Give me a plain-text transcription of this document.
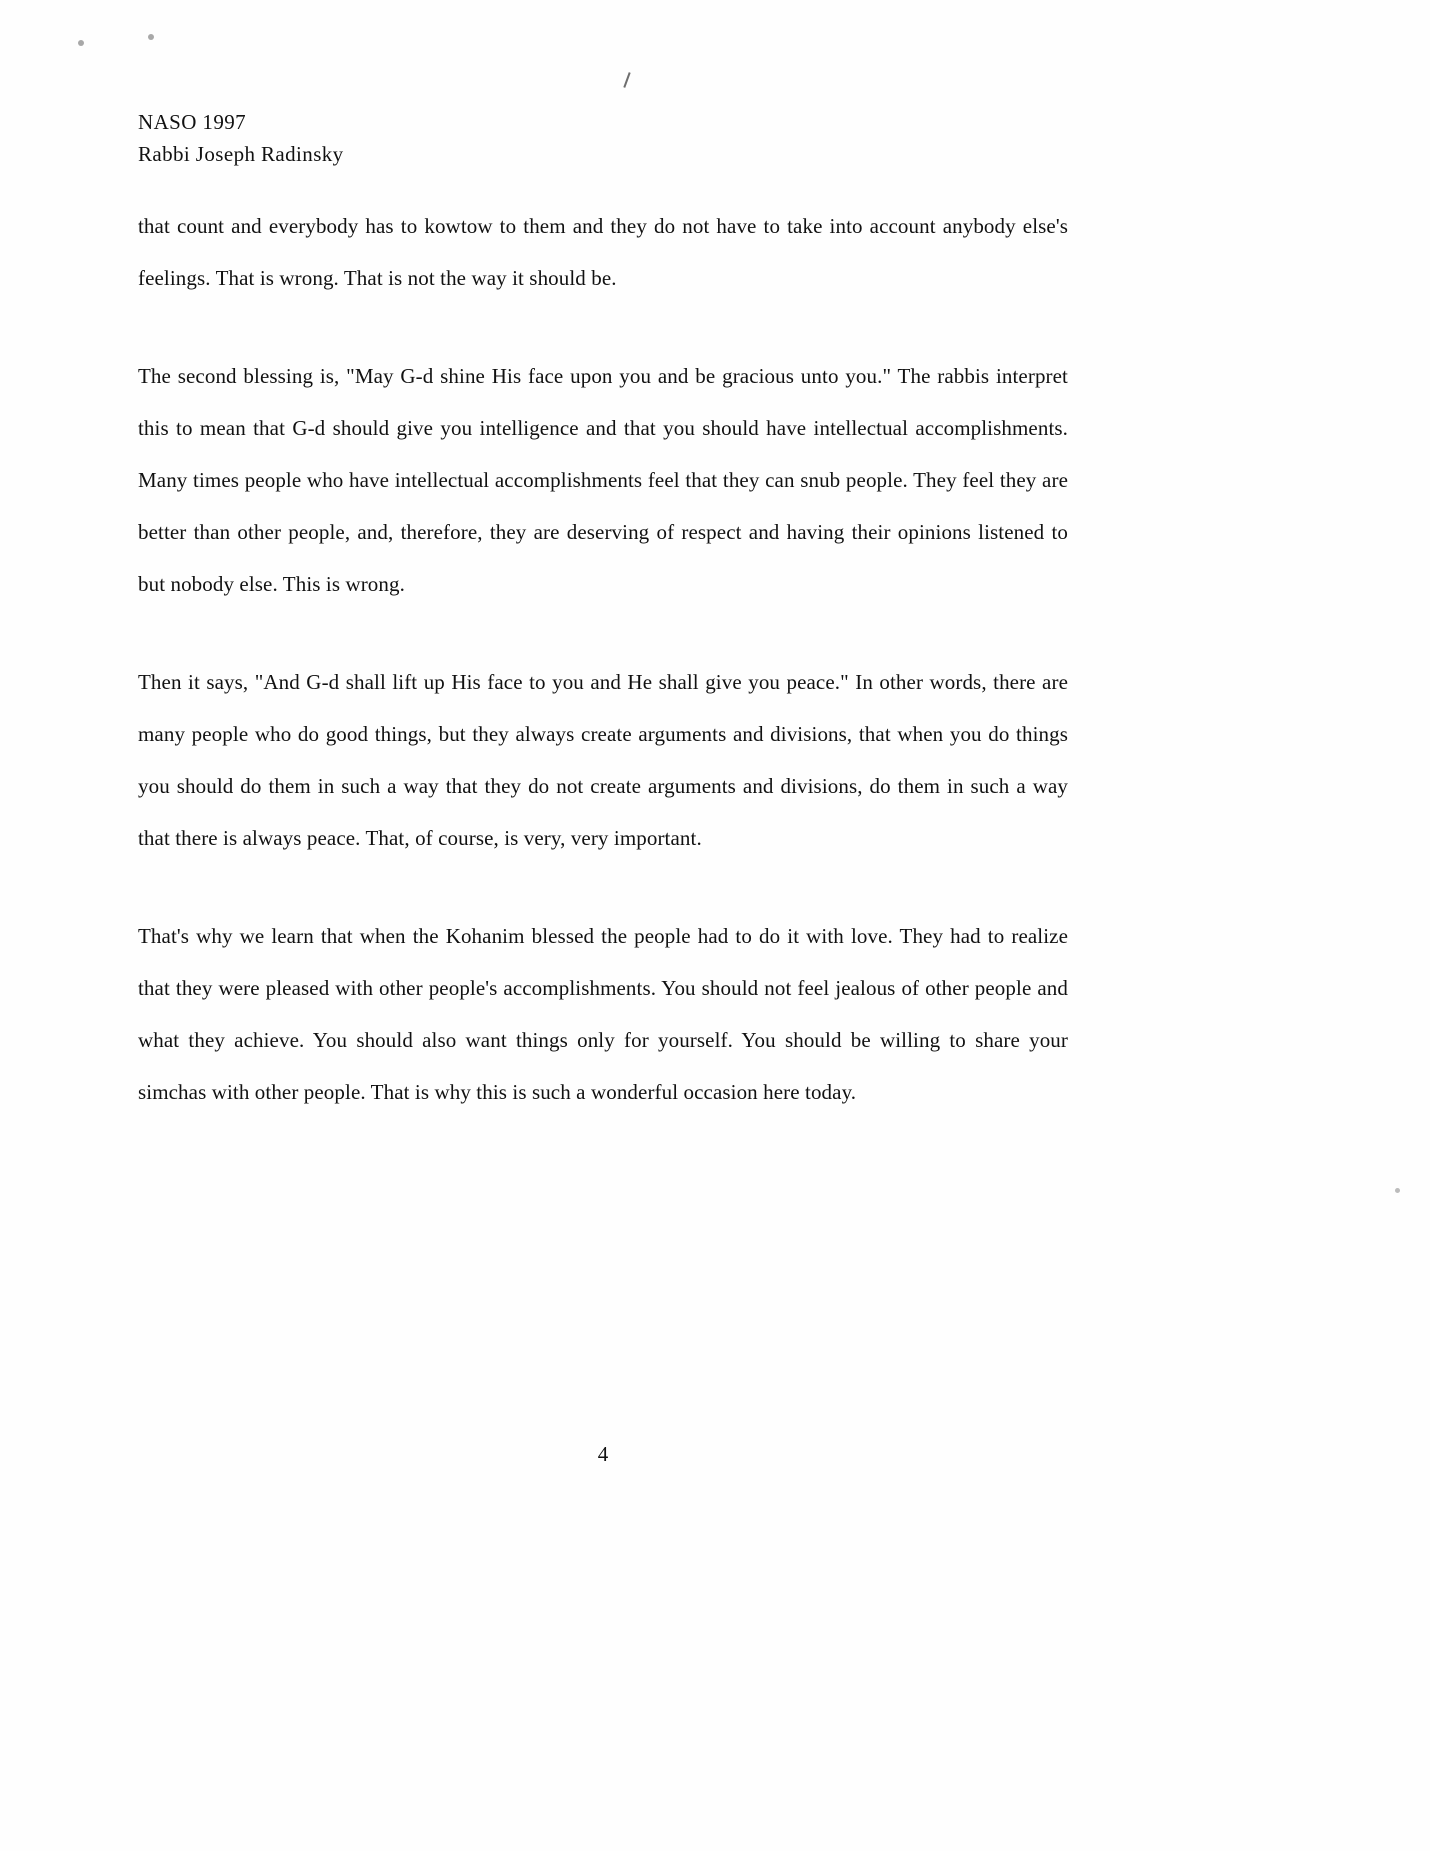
NASO 1997
Rabbi Joseph Radinsky

that count and everybody has to kowtow to them and they do not have to take into account anybody else's feelings. That is wrong. That is not the way it should be.

The second blessing is, "May G-d shine His face upon you and be gracious unto you." The rabbis interpret this to mean that G-d should give you intelligence and that you should have intellectual accomplishments. Many times people who have intellectual accomplishments feel that they can snub people. They feel they are better than other people, and, therefore, they are deserving of respect and having their opinions listened to but nobody else. This is wrong.

Then it says, "And G-d shall lift up His face to you and He shall give you peace." In other words, there are many people who do good things, but they always create arguments and divisions, that when you do things you should do them in such a way that they do not create arguments and divisions, do them in such a way that there is always peace. That, of course, is very, very important.

That's why we learn that when the Kohanim blessed the people had to do it with love. They had to realize that they were pleased with other people's accomplishments. You should not feel jealous of other people and what they achieve. You should also want things only for yourself. You should be willing to share your simchas with other people. That is why this is such a wonderful occasion here today.

4
